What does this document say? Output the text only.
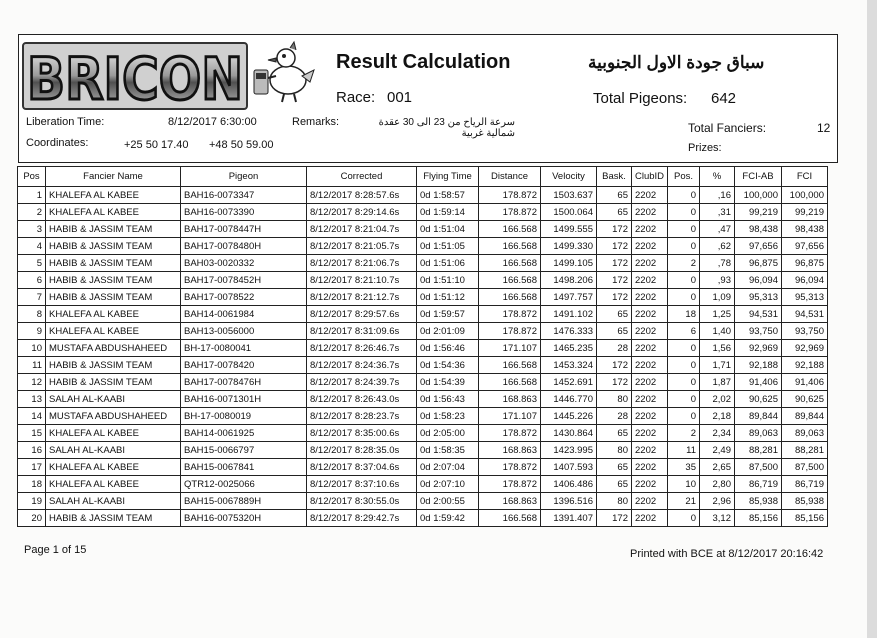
BRICON	Result Calculation	سباق جودة الاول الجنوبية
Race: 001	Total Pigeons: 642
Liberation Time:	8/12/2017 6:30:00	Remarks:	سرعة الرياح من 23 الى 30 عقدة شمالية غربية
Coordinates:	+25 50 17.40 +48 50 59.00
Total Fanciers:	12
Prizes:
Pos	Fancier Name	Pigeon	Corrected	Flying Time	Distance	Velocity	Bask.	ClubID	Pos.	%	FCI-AB	FCI
1	KHALEFA AL KABEE	BAH16-0073347	8/12/2017 8:28:57.6s	0d 1:58:57	178.872	1503.637	65	2202	0	,16	100,000	100,000
2	KHALEFA AL KABEE	BAH16-0073390	8/12/2017 8:29:14.6s	0d 1:59:14	178.872	1500.064	65	2202	0	,31	99,219	99,219
3	HABIB & JASSIM TEAM	BAH17-0078447H	8/12/2017 8:21:04.7s	0d 1:51:04	166.568	1499.555	172	2202	0	,47	98,438	98,438
4	HABIB & JASSIM TEAM	BAH17-0078480H	8/12/2017 8:21:05.7s	0d 1:51:05	166.568	1499.330	172	2202	0	,62	97,656	97,656
5	HABIB & JASSIM TEAM	BAH03-0020332	8/12/2017 8:21:06.7s	0d 1:51:06	166.568	1499.105	172	2202	2	,78	96,875	96,875
6	HABIB & JASSIM TEAM	BAH17-0078452H	8/12/2017 8:21:10.7s	0d 1:51:10	166.568	1498.206	172	2202	0	,93	96,094	96,094
7	HABIB & JASSIM TEAM	BAH17-0078522	8/12/2017 8:21:12.7s	0d 1:51:12	166.568	1497.757	172	2202	0	1,09	95,313	95,313
8	KHALEFA AL KABEE	BAH14-0061984	8/12/2017 8:29:57.6s	0d 1:59:57	178.872	1491.102	65	2202	18	1,25	94,531	94,531
9	KHALEFA AL KABEE	BAH13-0056000	8/12/2017 8:31:09.6s	0d 2:01:09	178.872	1476.333	65	2202	6	1,40	93,750	93,750
10	MUSTAFA ABDUSHAHEED	BH-17-0080041	8/12/2017 8:26:46.7s	0d 1:56:46	171.107	1465.235	28	2202	0	1,56	92,969	92,969
11	HABIB & JASSIM TEAM	BAH17-0078420	8/12/2017 8:24:36.7s	0d 1:54:36	166.568	1453.324	172	2202	0	1,71	92,188	92,188
12	HABIB & JASSIM TEAM	BAH17-0078476H	8/12/2017 8:24:39.7s	0d 1:54:39	166.568	1452.691	172	2202	0	1,87	91,406	91,406
13	SALAH AL-KAABI	BAH16-0071301H	8/12/2017 8:26:43.0s	0d 1:56:43	168.863	1446.770	80	2202	0	2,02	90,625	90,625
14	MUSTAFA ABDUSHAHEED	BH-17-0080019	8/12/2017 8:28:23.7s	0d 1:58:23	171.107	1445.226	28	2202	0	2,18	89,844	89,844
15	KHALEFA AL KABEE	BAH14-0061925	8/12/2017 8:35:00.6s	0d 2:05:00	178.872	1430.864	65	2202	2	2,34	89,063	89,063
16	SALAH AL-KAABI	BAH15-0066797	8/12/2017 8:28:35.0s	0d 1:58:35	168.863	1423.995	80	2202	11	2,49	88,281	88,281
17	KHALEFA AL KABEE	BAH15-0067841	8/12/2017 8:37:04.6s	0d 2:07:04	178.872	1407.593	65	2202	35	2,65	87,500	87,500
18	KHALEFA AL KABEE	QTR12-0025066	8/12/2017 8:37:10.6s	0d 2:07:10	178.872	1406.486	65	2202	10	2,80	86,719	86,719
19	SALAH AL-KAABI	BAH15-0067889H	8/12/2017 8:30:55.0s	0d 2:00:55	168.863	1396.516	80	2202	21	2,96	85,938	85,938
20	HABIB & JASSIM TEAM	BAH16-0075320H	8/12/2017 8:29:42.7s	0d 1:59:42	166.568	1391.407	172	2202	0	3,12	85,156	85,156
Page 1 of 15	Printed with BCE at 8/12/2017 20:16:42
